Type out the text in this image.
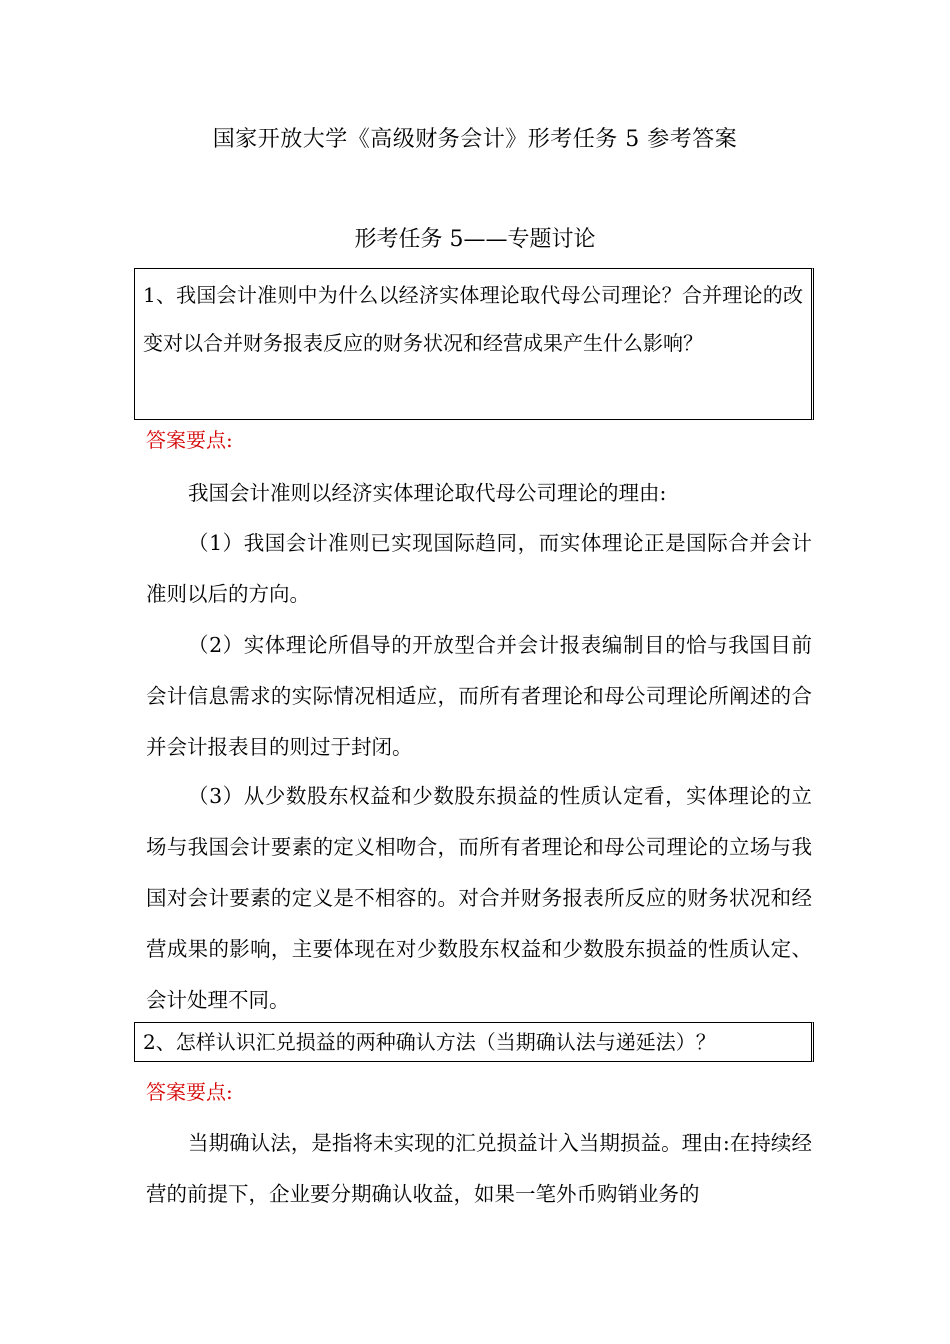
国家开放大学《高级财务会计》形考任务 5 参考答案
形考任务 5——专题讨论
1、我国会计准则中为什么以经济实体理论取代母公司理论？合并理论的改变对以合并财务报表反应的财务状况和经营成果产生什么影响？
答案要点:
我国会计准则以经济实体理论取代母公司理论的理由:
（1）我国会计准则已实现国际趋同，而实体理论正是国际合并会计准则以后的方向。
（2）实体理论所倡导的开放型合并会计报表编制目的恰与我国目前会计信息需求的实际情况相适应，而所有者理论和母公司理论所阐述的合并会计报表目的则过于封闭。
（3）从少数股东权益和少数股东损益的性质认定看，实体理论的立场与我国会计要素的定义相吻合，而所有者理论和母公司理论的立场与我国对会计要素的定义是不相容的。对合并财务报表所反应的财务状况和经营成果的影响，主要体现在对少数股东权益和少数股东损益的性质认定、会计处理不同。
2、怎样认识汇兑损益的两种确认方法（当期确认法与递延法）？
答案要点:
当期确认法，是指将未实现的汇兑损益计入当期损益。理由:在持续经营的前提下，企业要分期确认收益，如果一笔外币购销业务的
